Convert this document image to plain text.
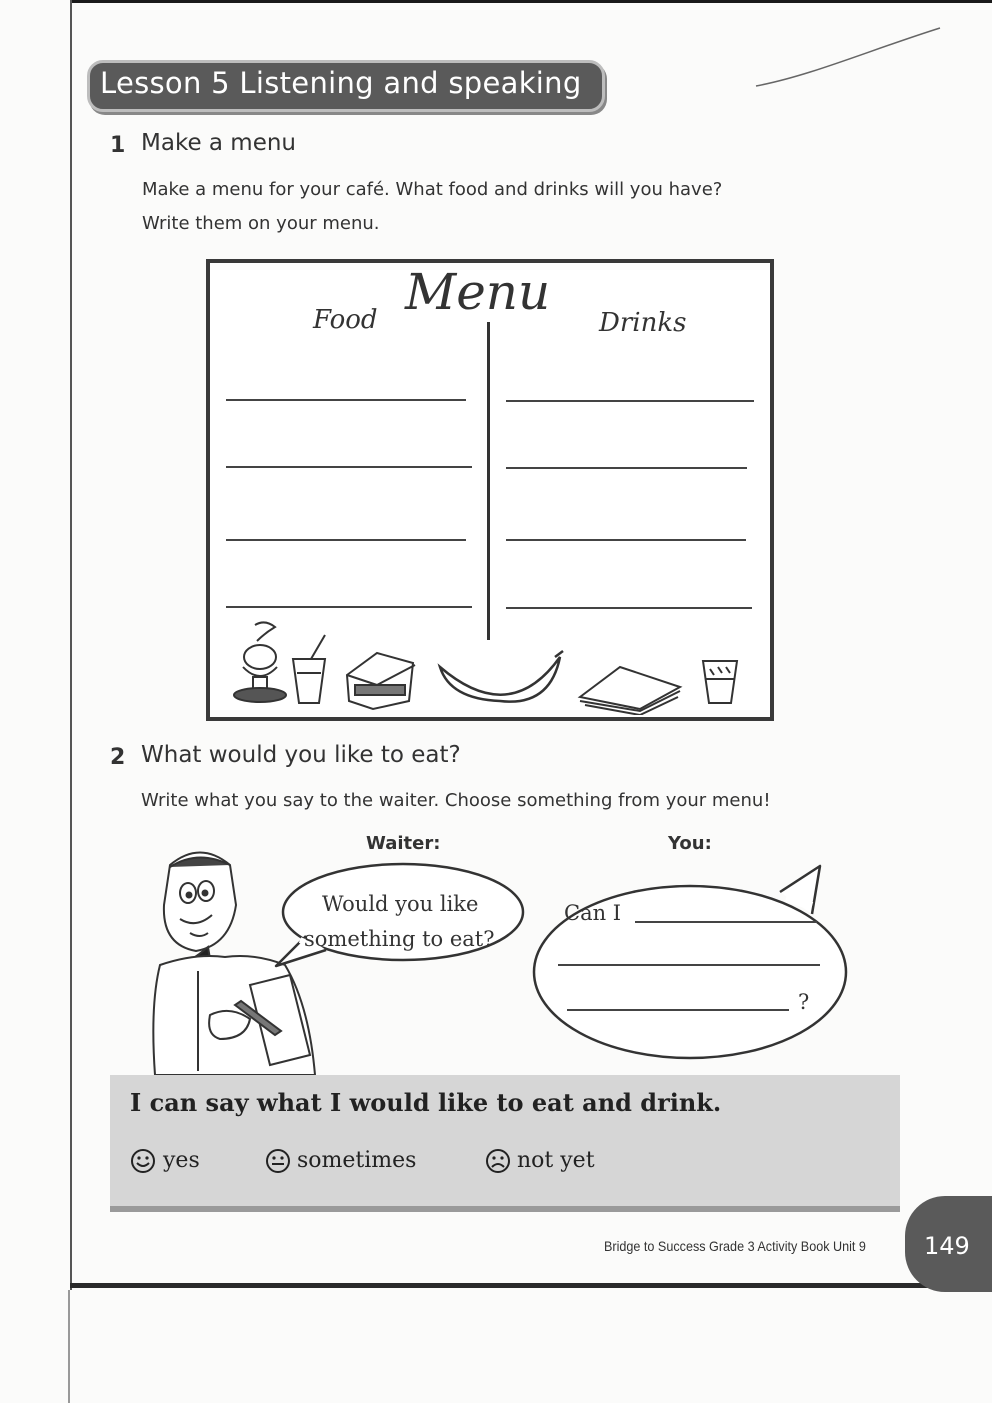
Lesson 5 Listening and speaking
1 Make a menu
Make a menu for your café. What food and drinks will you have?
Write them on your menu.
Menu
Food	Drinks
2 What would you like to eat?
Write what you say to the waiter. Choose something from your menu!
Waiter:	You:
Would you like
something to eat?
Can I
?
I can say what I would like to eat and drink.
yes	sometimes	not yet
Bridge to Success Grade 3 Activity Book Unit 9 149
